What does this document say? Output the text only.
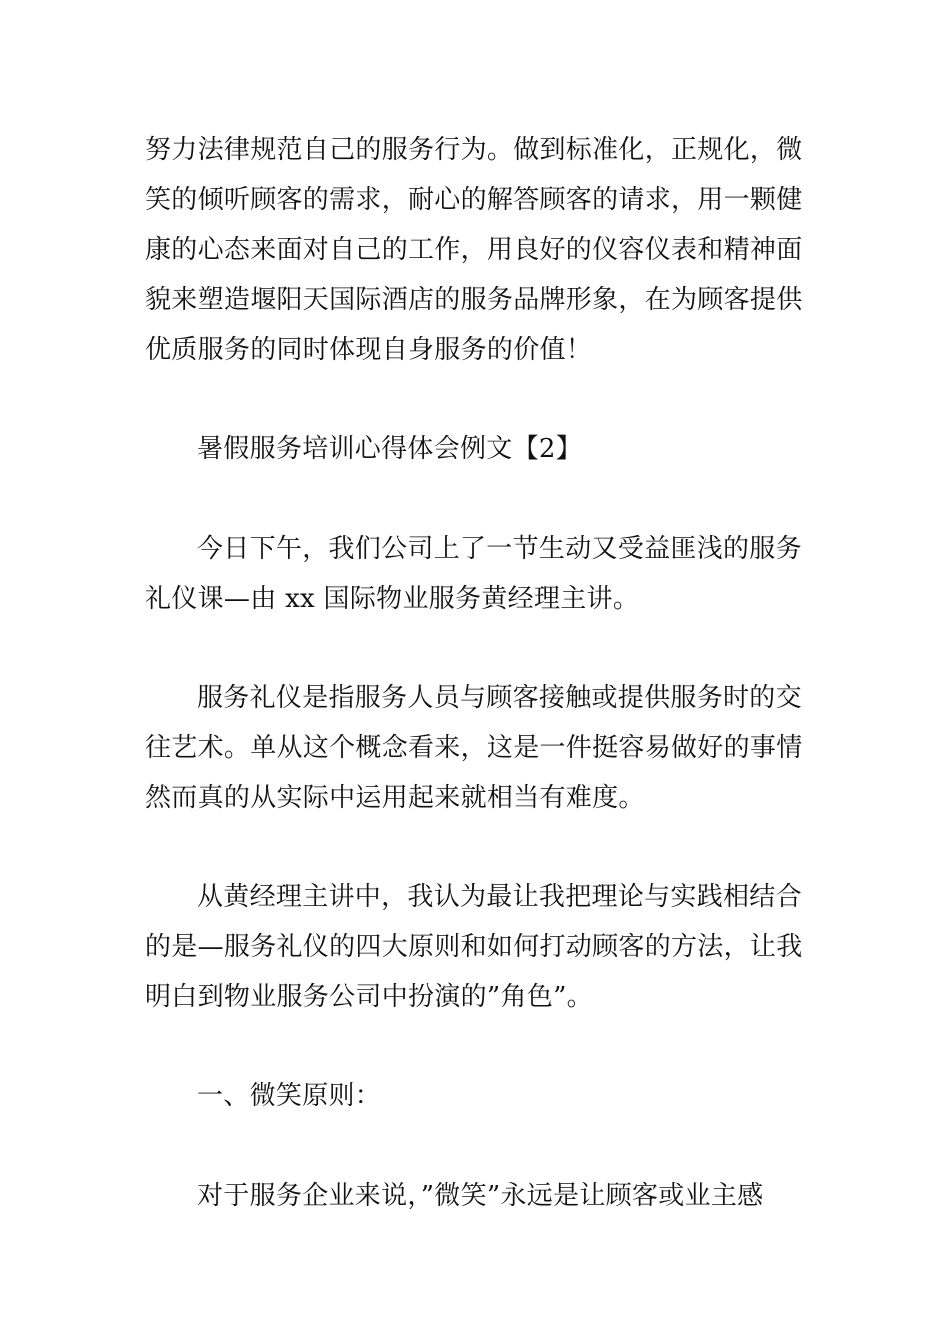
努力法律规范自己的服务行为。做到标准化，正规化，微
笑的倾听顾客的需求，耐心的解答顾客的请求，用一颗健
康的心态来面对自己的工作，用良好的仪容仪表和精神面
貌来塑造堰阳天国际酒店的服务品牌形象，在为顾客提供
优质服务的同时体现自身服务的价值！
暑假服务培训心得体会例文【2】
今日下午，我们公司上了一节生动又受益匪浅的服务
礼仪课—由 xx 国际物业服务黄经理主讲。
服务礼仪是指服务人员与顾客接触或提供服务时的交
往艺术。单从这个概念看来，这是一件挺容易做好的事情
然而真的从实际中运用起来就相当有难度。
从黄经理主讲中，我认为最让我把理论与实践相结合
的是—服务礼仪的四大原则和如何打动顾客的方法，让我
明白到物业服务公司中扮演的”角色”。
一、微笑原则：
对于服务企业来说，”微笑”永远是让顾客或业主感
